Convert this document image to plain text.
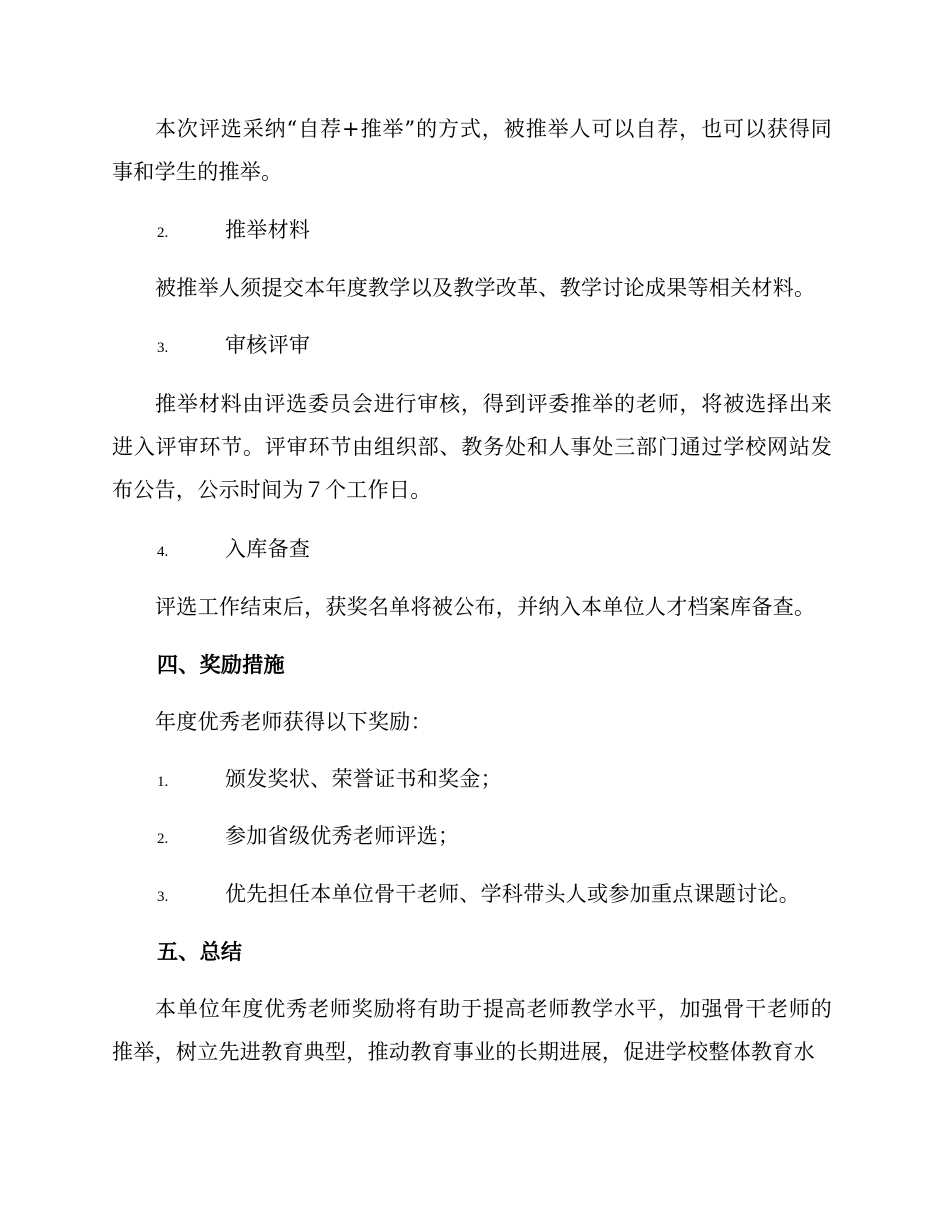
本次评选采纳“自荐+推举”的方式，被推举人可以自荐，也可以获得同事和学生的推举。

2.	推举材料

被推举人须提交本年度教学以及教学改革、教学讨论成果等相关材料。

3.	审核评审

推举材料由评选委员会进行审核，得到评委推举的老师，将被选择出来进入评审环节。评审环节由组织部、教务处和人事处三部门通过学校网站发布公告，公示时间为７个工作日。

4.	入库备查

评选工作结束后，获奖名单将被公布，并纳入本单位人才档案库备查。

四、奖励措施

年度优秀老师获得以下奖励：

1.	颁发奖状、荣誉证书和奖金；
2.	参加省级优秀老师评选；
3.	优先担任本单位骨干老师、学科带头人或参加重点课题讨论。
五、总结

本单位年度优秀老师奖励将有助于提高老师教学水平，加强骨干老师的推举，树立先进教育典型，推动教育事业的长期进展，促进学校整体教育水
